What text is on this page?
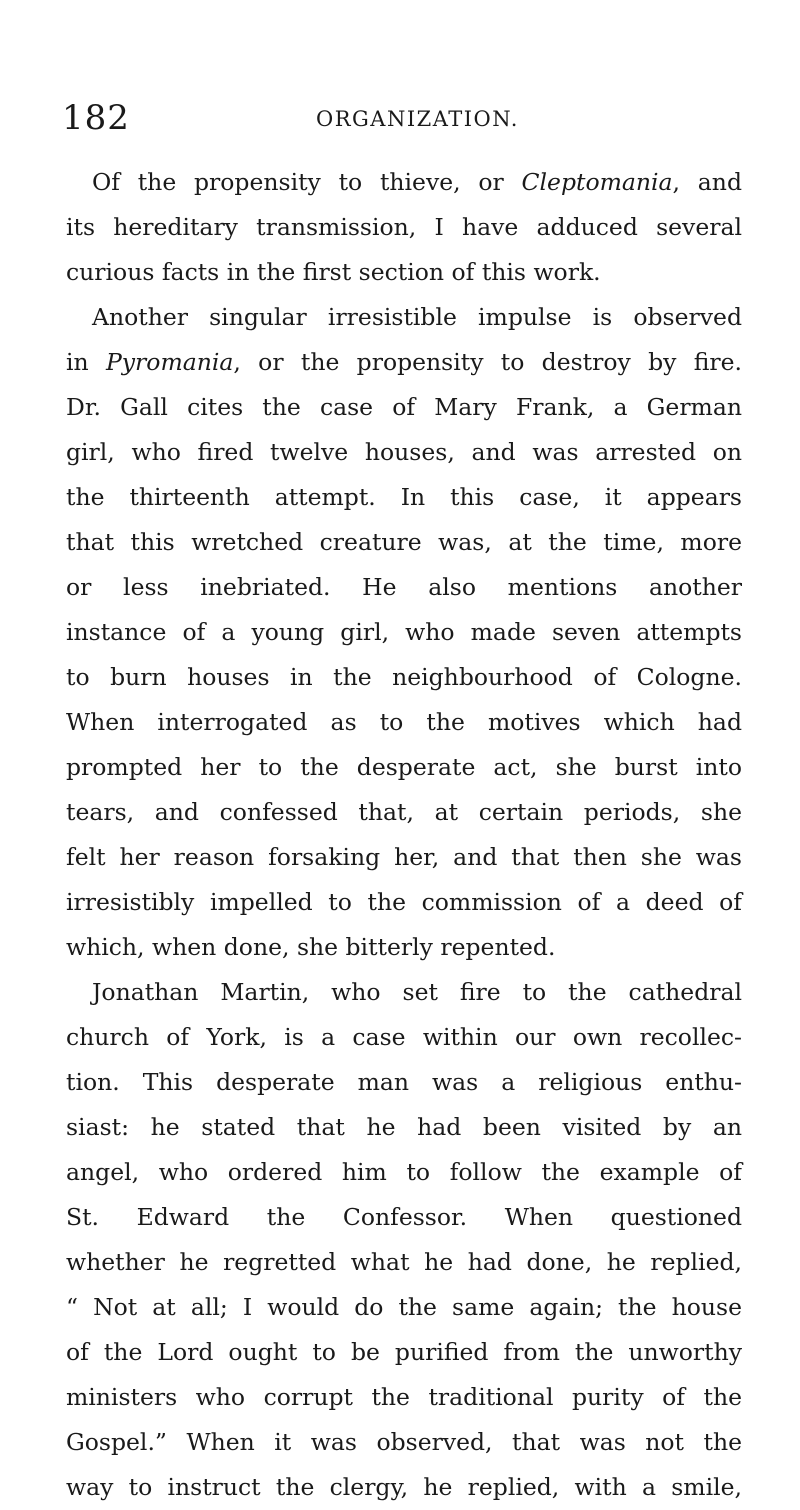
182	ORGANIZATION.
Of the propensity to thieve, or Cleptomania, and
its hereditary transmission, I have adduced several
curious facts in the first section of this work.
Another singular irresistible impulse is observed
in Pyromania, or the propensity to destroy by fire.
Dr. Gall cites the case of Mary Frank, a German
girl, who fired twelve houses, and was arrested on
the thirteenth attempt. In this case, it appears
that this wretched creature was, at the time, more
or less inebriated. He also mentions another
instance of a young girl, who made seven attempts
to burn houses in the neighbourhood of Cologne.
When interrogated as to the motives which had
prompted her to the desperate act, she burst into
tears, and confessed that, at certain periods, she
felt her reason forsaking her, and that then she was
irresistibly impelled to the commission of a deed of
which, when done, she bitterly repented.
Jonathan Martin, who set fire to the cathedral
church of York, is a case within our own recollec-
tion. This desperate man was a religious enthu-
siast: he stated that he had been visited by an
angel, who ordered him to follow the example of
St. Edward the Confessor. When questioned
whether he regretted what he had done, he replied,
“ Not at all; I would do the same again; the house
of the Lord ought to be purified from the unworthy
ministers who corrupt the traditional purity of the
Gospel.” When it was observed, that was not the
way to instruct the clergy, he replied, with a smile,
